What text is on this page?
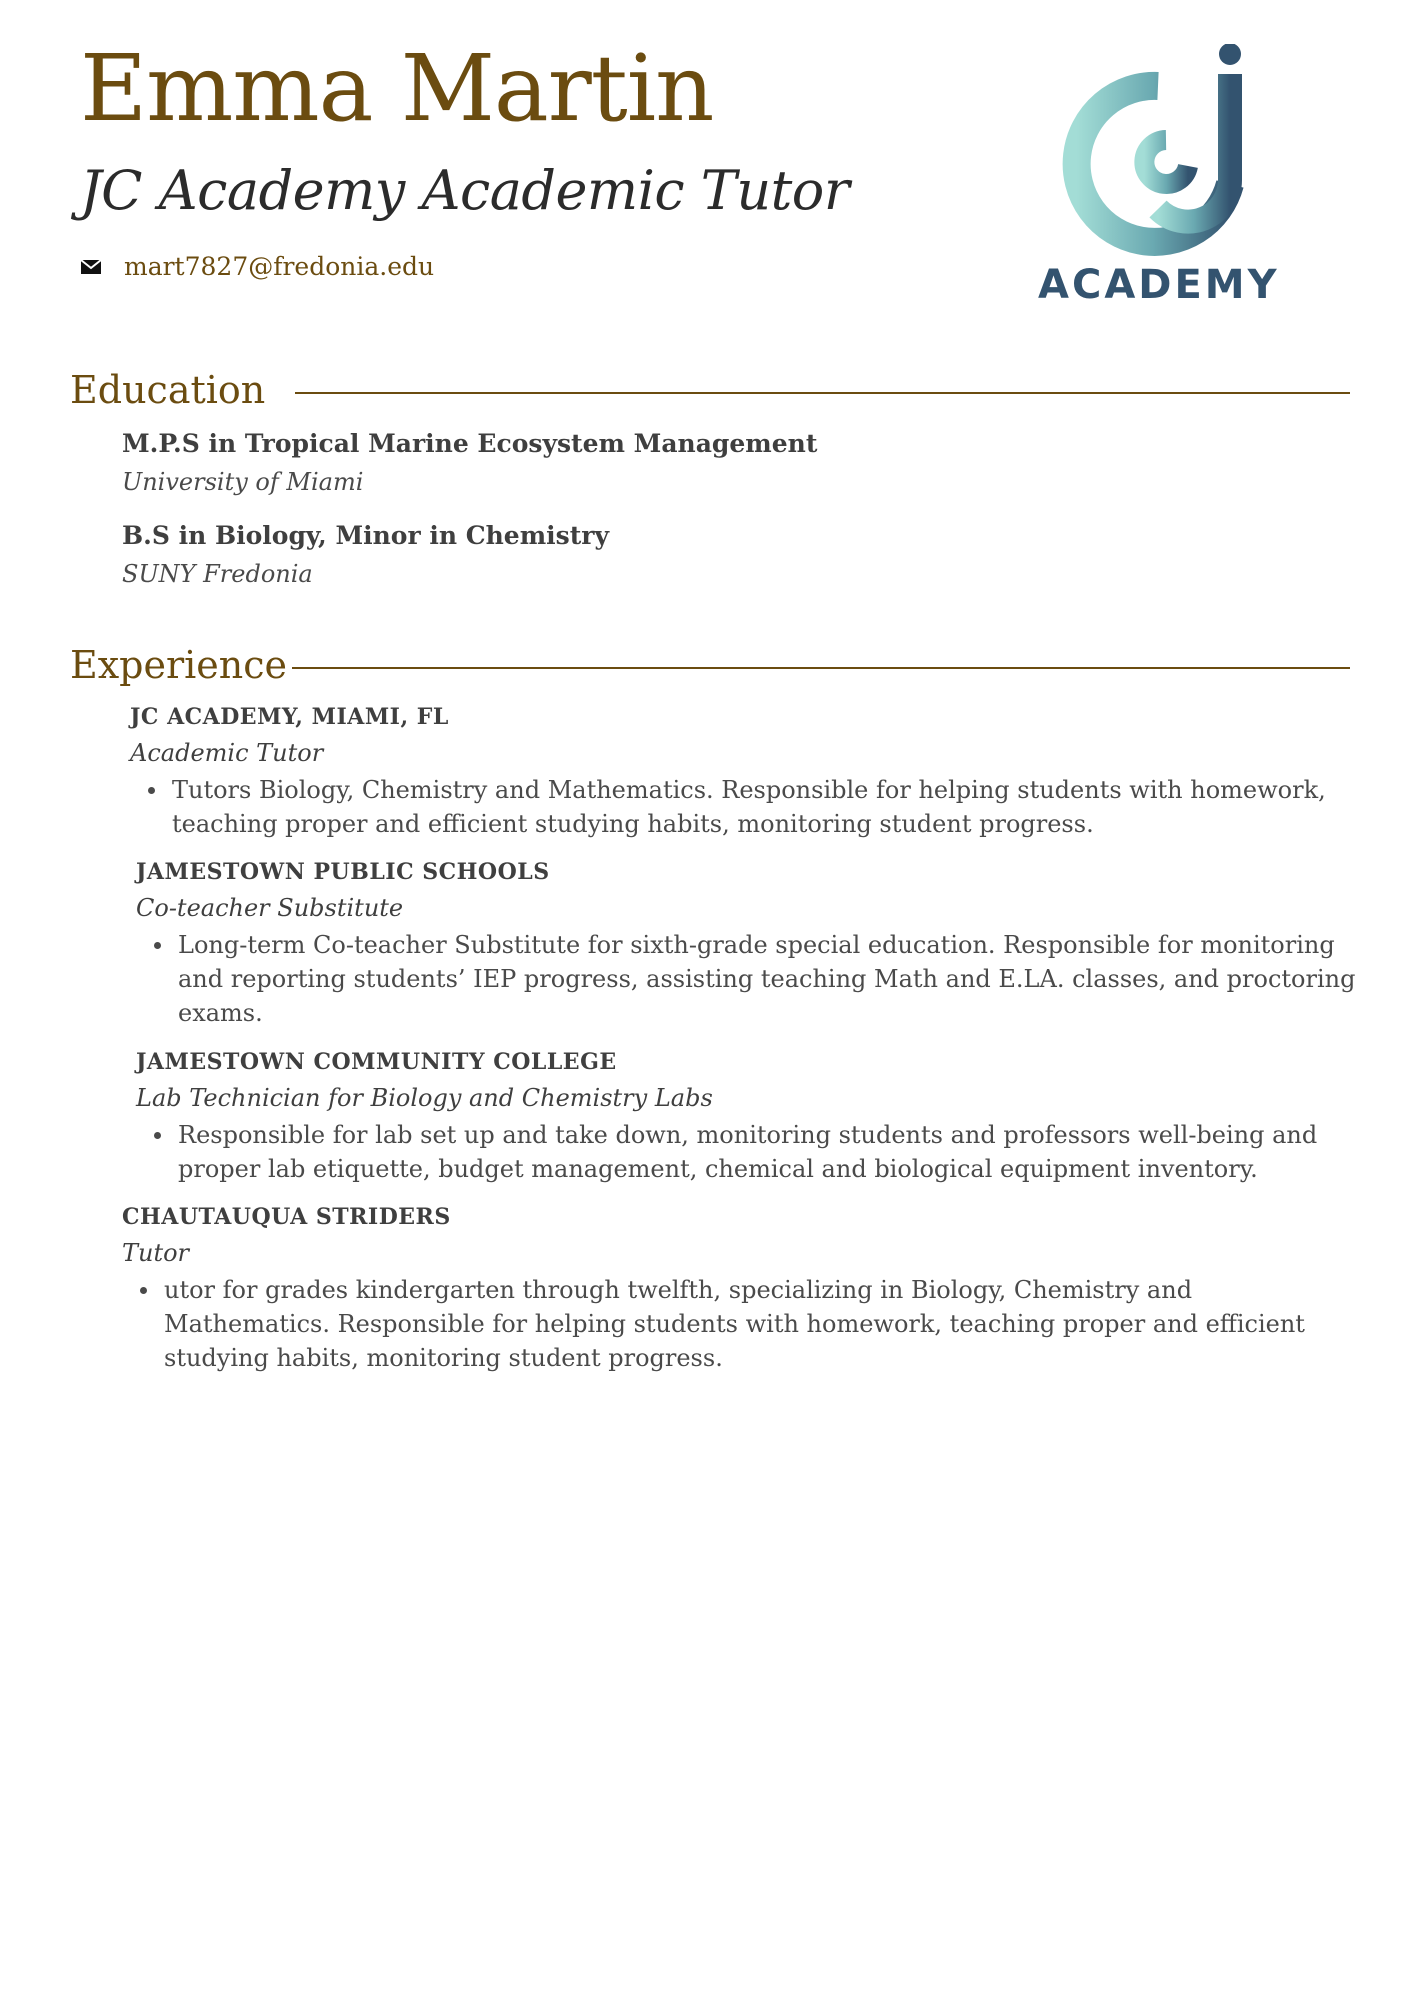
Emma Martin
JC Academy Academic Tutor
mart7827@fredonia.edu	ACADEMY
Education

M.P.S in Tropical Marine Ecosystem Management

University of Miami

B.S in Biology, Minor in Chemistry

SUNY Fredonia

Experience

JC ACADEMY, MIAMI, FL

Academic Tutor

Tutors Biology, Chemistry and Mathematics. Responsible for helping students with homework, teaching proper and efficient studying habits, monitoring student progress.

JAMESTOWN PUBLIC SCHOOLS

Co-teacher Substitute

Long-term Co-teacher Substitute for sixth-grade special education. Responsible for monitoring and reporting students’ IEP progress, assisting teaching Math and E.LA. classes, and proctoring exams.

JAMESTOWN COMMUNITY COLLEGE

Lab Technician for Biology and Chemistry Labs

Responsible for lab set up and take down, monitoring students and professors well-being and proper lab etiquette, budget management, chemical and biological equipment inventory.

CHAUTAUQUA STRIDERS

Tutor

utor for grades kindergarten through twelfth, specializing in Biology, Chemistry and Mathematics. Responsible for helping students with homework, teaching proper and efficient studying habits, monitoring student progress.
